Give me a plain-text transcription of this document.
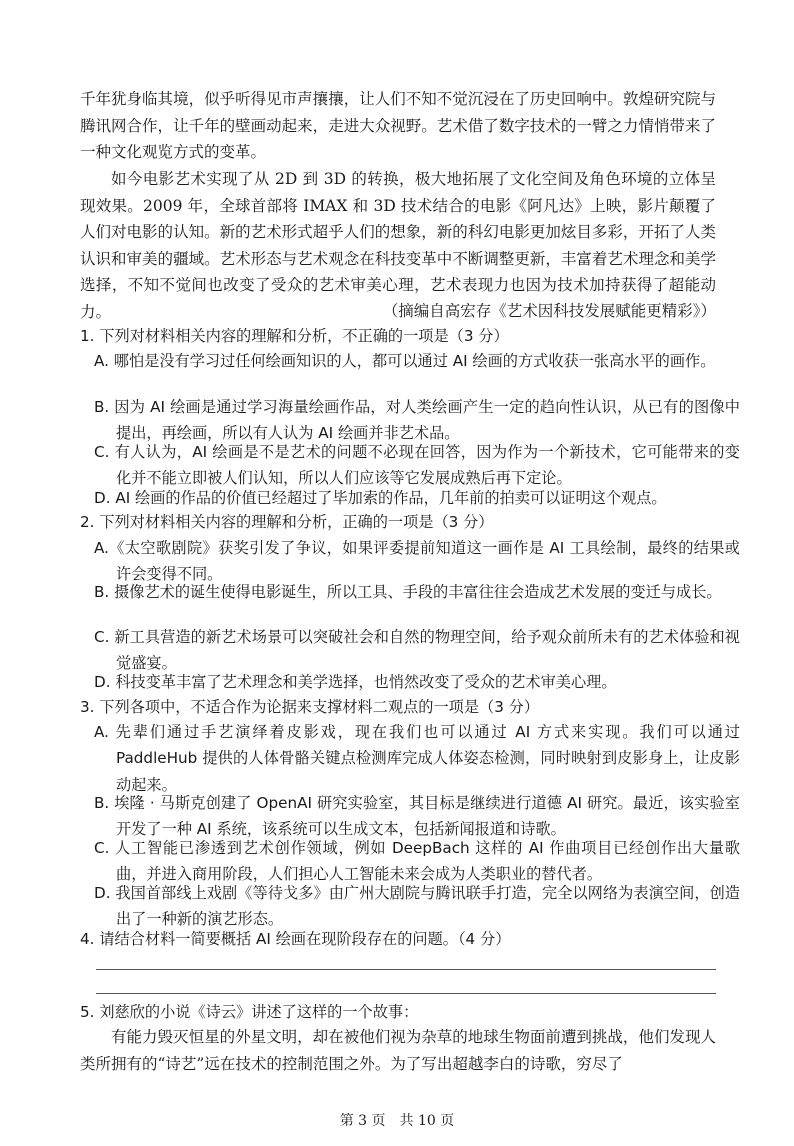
千年犹身临其境，似乎听得见市声攘攘，让人们不知不觉沉浸在了历史回响中。敦煌研究院与腾讯网合作，让千年的壁画动起来，走进大众视野。艺术借了数字技术的一臂之力情悄带来了一种文化观览方式的变革。

如今电影艺术实现了从 2D 到 3D 的转换，极大地拓展了文化空间及角色环境的立体呈现效果。2009 年，全球首部将 IMAX 和 3D 技术结合的电影《阿凡达》上映，影片颠覆了人们对电影的认知。新的艺术形式超乎人们的想象，新的科幻电影更加炫目多彩，开拓了人类认识和审美的疆域。艺术形态与艺术观念在科技变革中不断调整更新，丰富着艺术理念和美学选择，不知不觉间也改变了受众的艺术审美心理，艺术表现力也因为技术加持获得了超能动力。	（摘编自高宏存《艺术因科技发展赋能更精彩》）

1. 下列对材料相关内容的理解和分析，不正确的一项是（3 分）

A. 哪怕是没有学习过任何绘画知识的人，都可以通过 AI 绘画的方式收获一张高水平的画作。

B. 因为 AI 绘画是通过学习海量绘画作品，对人类绘画产生一定的趋向性认识，从已有的图像中提出，再绘画，所以有人认为 AI 绘画并非艺术品。

C. 有人认为，AI 绘画是不是艺术的问题不必现在回答，因为作为一个新技术，它可能带来的变化并不能立即被人们认知，所以人们应该等它发展成熟后再下定论。

D. AI 绘画的作品的价值已经超过了毕加索的作品，几年前的拍卖可以证明这个观点。

2. 下列对材料相关内容的理解和分析，正确的一项是（3 分）

A.《太空歌剧院》获奖引发了争议，如果评委提前知道这一画作是 AI 工具绘制，最终的结果或许会变得不同。

B. 摄像艺术的诞生使得电影诞生，所以工具、手段的丰富往往会造成艺术发展的变迁与成长。

C. 新工具营造的新艺术场景可以突破社会和自然的物理空间，给予观众前所未有的艺术体验和视觉盛宴。

D. 科技变革丰富了艺术理念和美学选择，也悄然改变了受众的艺术审美心理。

3. 下列各项中，不适合作为论据来支撑材料二观点的一项是（3 分）

A. 先辈们通过手艺演绎着皮影戏，现在我们也可以通过 AI 方式来实现。我们可以通过 PaddleHub 提供的人体骨骼关键点检测库完成人体姿态检测，同时映射到皮影身上，让皮影动起来。

B. 埃隆 · 马斯克创建了 OpenAI 研究实验室，其目标是继续进行道德 AI 研究。最近，该实验室开发了一种 AI 系统，该系统可以生成文本，包括新闻报道和诗歌。

C. 人工智能已渗透到艺术创作领域，例如 DeepBach 这样的 AI 作曲项目已经创作出大量歌曲，并进入商用阶段，人们担心人工智能未来会成为人类职业的替代者。

D. 我国首部线上戏剧《等待戈多》由广州大剧院与腾讯联手打造，完全以网络为表演空间，创造出了一种新的演艺形态。

4. 请结合材料一简要概括 AI 绘画在现阶段存在的问题。（4 分）

5. 刘慈欣的小说《诗云》讲述了这样的一个故事：

有能力毁灭恒星的外星文明，却在被他们视为杂草的地球生物面前遭到挑战，他们发现人类所拥有的“诗艺”远在技术的控制范围之外。为了写出超越李白的诗歌，穷尽了

第 3 页　共 10 页
